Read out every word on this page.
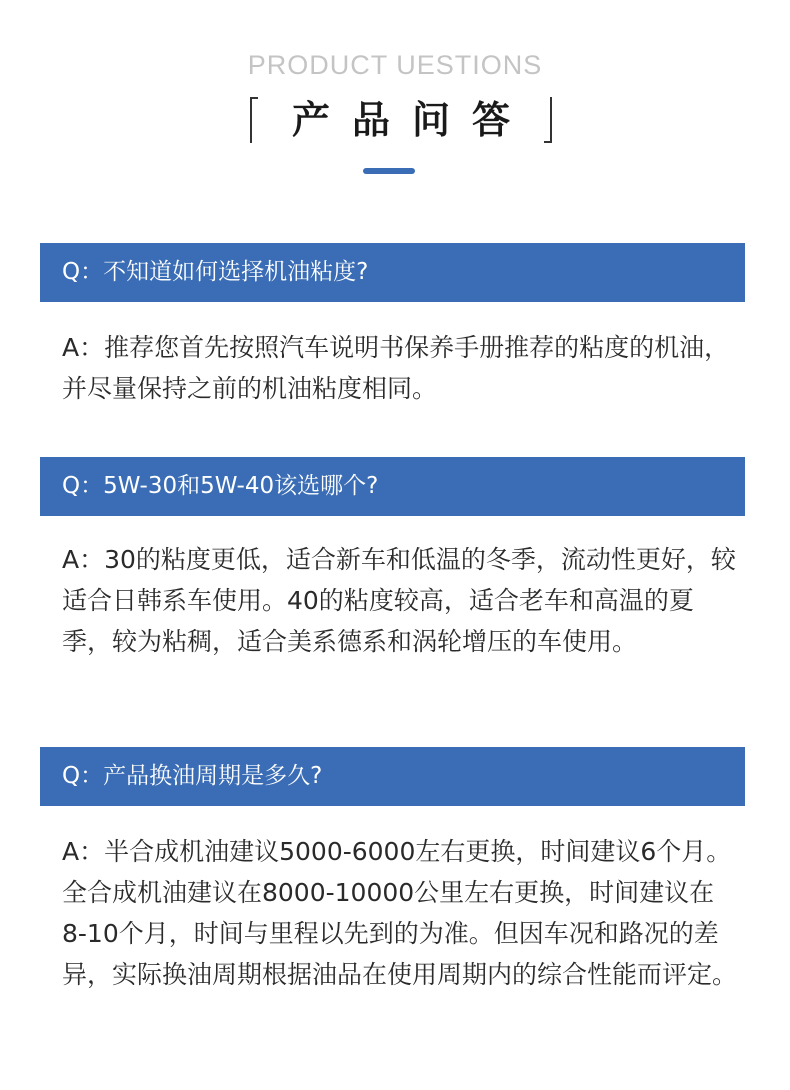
PRODUCT UESTIONS
产品问答
Q：不知道如何选择机油粘度?

A：推荐您首先按照汽车说明书保养手册推荐的粘度的机油，并尽量保持之前的机油粘度相同。

Q：5W-30和5W-40该选哪个?

A：30的粘度更低，适合新车和低温的冬季，流动性更好，较适合日韩系车使用。40的粘度较高，适合老车和高温的夏季，较为粘稠，适合美系德系和涡轮增压的车使用。

Q：产品换油周期是多久?

A：半合成机油建议5000-6000左右更换，时间建议6个月。全合成机油建议在8000-10000公里左右更换，时间建议在8-10个月，时间与里程以先到的为准。但因车况和路况的差异，实际换油周期根据油品在使用周期内的综合性能而评定。
